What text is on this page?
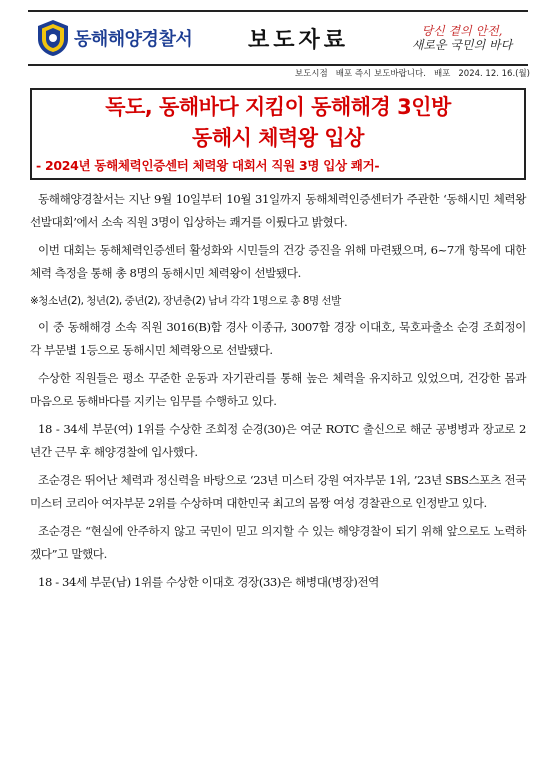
동해해양경찰서	보도자료	당신 곁의 안전,
새로운 국민의 바다
보도시점 배포 즉시 보도바랍니다. 배포 2024. 12. 16.(월)
독도, 동해바다 지킴이 동해해경 3인방
동해시 체력왕 입상
- 2024년 동해체력인증센터 체력왕 대회서 직원 3명 입상 쾌거-

동해해양경찰서는 지난 9월 10일부터 10월 31일까지 동해체력인증센터가 주관한 ‘동해시민 체력왕 선발대회’에서 소속 직원 3명이 입상하는 쾌거를 이뤘다고 밝혔다.

이번 대회는 동해체력인증센터 활성화와 시민들의 건강 증진을 위해 마련됐으며, 6~7개 항목에 대한 체력 측정을 통해 총 8명의 동해시민 체력왕이 선발됐다.

※청소년(2), 청년(2), 중년(2), 장년층(2) 남녀 각각 1명으로 총 8명 선발

이 중 동해해경 소속 직원 3016(B)함 경사 이종규, 3007함 경장 이대호, 묵호파출소 순경 조희정이 각 부문별 1등으로 동해시민 체력왕으로 선발됐다.

수상한 직원들은 평소 꾸준한 운동과 자기관리를 통해 높은 체력을 유지하고 있었으며, 건강한 몸과 마음으로 동해바다를 지키는 임무를 수행하고 있다.

18 - 34세 부문(여) 1위를 수상한 조희정 순경(30)은 여군 ROTC 출신으로 해군 공병병과 장교로 2년간 근무 후 해양경찰에 입사했다.

조순경은 뛰어난 체력과 정신력을 바탕으로 ‘23년 미스터 강원 여자부문 1위, ’23년 SBS스포츠 전국 미스터 코리아 여자부문 2위를 수상하며 대한민국 최고의 몸짱 여성 경찰관으로 인정받고 있다.

조순경은 “현실에 안주하지 않고 국민이 믿고 의지할 수 있는 해양경찰이 되기 위해 앞으로도 노력하겠다”고 말했다.

18 - 34세 부문(남) 1위를 수상한 이대호 경장(33)은 해병대(병장)전역
